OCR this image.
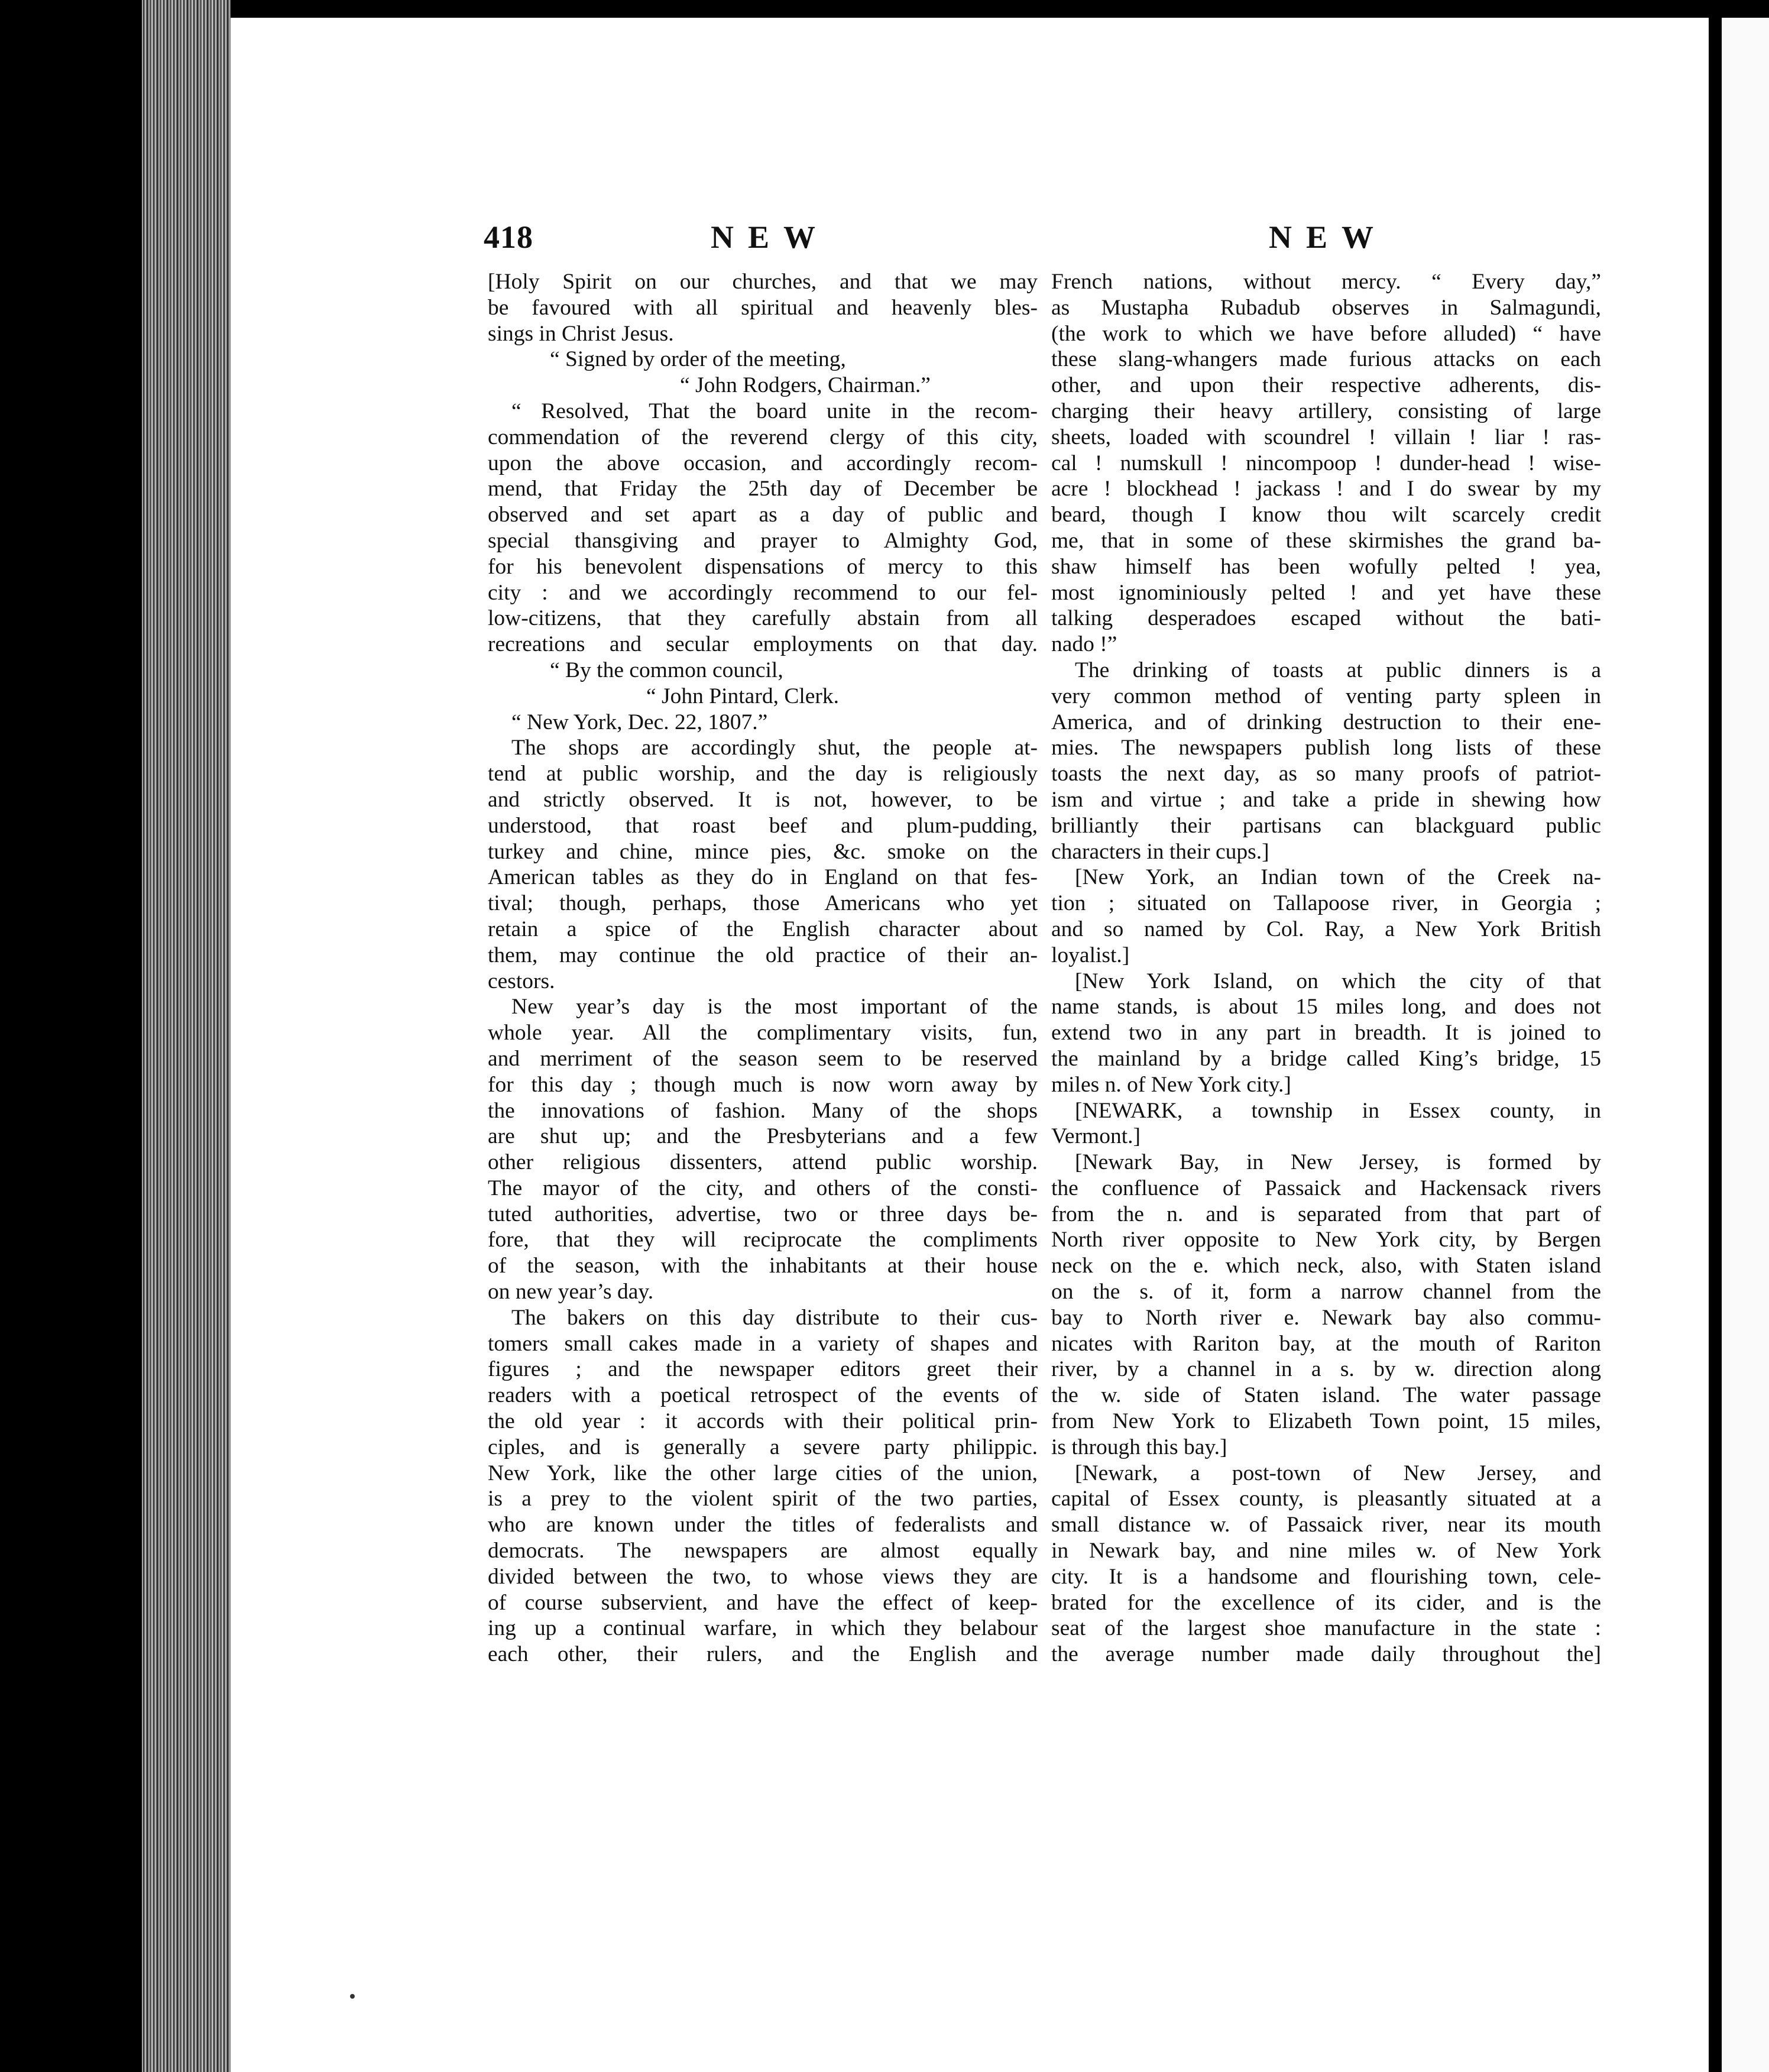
418	NEW	NEW
[Holy Spirit on our churches, and that we may
be favoured with all spiritual and heavenly bles-
sings in Christ Jesus.
“ Signed by order of the meeting,
“ John Rodgers, Chairman.”
“ Resolved, That the board unite in the recom-
commendation of the reverend clergy of this city,
upon the above occasion, and accordingly recom-
mend, that Friday the 25th day of December be
observed and set apart as a day of public and
special thansgiving and prayer to Almighty God,
for his benevolent dispensations of mercy to this
city : and we accordingly recommend to our fel-
low-citizens, that they carefully abstain from all
recreations and secular employments on that day.
“ By the common council,
“ John Pintard, Clerk.
“ New York, Dec. 22, 1807.”
The shops are accordingly shut, the people at-
tend at public worship, and the day is religiously
and strictly observed. It is not, however, to be
understood, that roast beef and plum-pudding,
turkey and chine, mince pies, &c. smoke on the
American tables as they do in England on that fes-
tival; though, perhaps, those Americans who yet
retain a spice of the English character about
them, may continue the old practice of their an-
cestors.
New year’s day is the most important of the
whole year. All the complimentary visits, fun,
and merriment of the season seem to be reserved
for this day ; though much is now worn away by
the innovations of fashion. Many of the shops
are shut up; and the Presbyterians and a few
other religious dissenters, attend public worship.
The mayor of the city, and others of the consti-
tuted authorities, advertise, two or three days be-
fore, that they will reciprocate the compliments
of the season, with the inhabitants at their house
on new year’s day.
The bakers on this day distribute to their cus-
tomers small cakes made in a variety of shapes and
figures ; and the newspaper editors greet their
readers with a poetical retrospect of the events of
the old year : it accords with their political prin-
ciples, and is generally a severe party philippic.
New York, like the other large cities of the union,
is a prey to the violent spirit of the two parties,
who are known under the titles of federalists and
democrats. The newspapers are almost equally
divided between the two, to whose views they are
of course subservient, and have the effect of keep-
ing up a continual warfare, in which they belabour
each other, their rulers, and the English and
French nations, without mercy. “ Every day,”
as Mustapha Rubadub observes in Salmagundi,
(the work to which we have before alluded) “ have
these slang-whangers made furious attacks on each
other, and upon their respective adherents, dis-
charging their heavy artillery, consisting of large
sheets, loaded with scoundrel ! villain ! liar ! ras-
cal ! numskull ! nincompoop ! dunder-head ! wise-
acre ! blockhead ! jackass ! and I do swear by my
beard, though I know thou wilt scarcely credit
me, that in some of these skirmishes the grand ba-
shaw himself has been wofully pelted ! yea,
most ignominiously pelted ! and yet have these
talking desperadoes escaped without the bati-
nado !”
The drinking of toasts at public dinners is a
very common method of venting party spleen in
America, and of drinking destruction to their ene-
mies. The newspapers publish long lists of these
toasts the next day, as so many proofs of patriot-
ism and virtue ; and take a pride in shewing how
brilliantly their partisans can blackguard public
characters in their cups.]
[New York, an Indian town of the Creek na-
tion ; situated on Tallapoose river, in Georgia ;
and so named by Col. Ray, a New York British
loyalist.]
[New York Island, on which the city of that
name stands, is about 15 miles long, and does not
extend two in any part in breadth. It is joined to
the mainland by a bridge called King’s bridge, 15
miles n. of New York city.]
[NEWARK, a township in Essex county, in
Vermont.]
[Newark Bay, in New Jersey, is formed by
the confluence of Passaick and Hackensack rivers
from the n. and is separated from that part of
North river opposite to New York city, by Bergen
neck on the e. which neck, also, with Staten island
on the s. of it, form a narrow channel from the
bay to North river e. Newark bay also commu-
nicates with Rariton bay, at the mouth of Rariton
river, by a channel in a s. by w. direction along
the w. side of Staten island. The water passage
from New York to Elizabeth Town point, 15 miles,
is through this bay.]
[Newark, a post-town of New Jersey, and
capital of Essex county, is pleasantly situated at a
small distance w. of Passaick river, near its mouth
in Newark bay, and nine miles w. of New York
city. It is a handsome and flourishing town, cele-
brated for the excellence of its cider, and is the
seat of the largest shoe manufacture in the state :
the average number made daily throughout the]
